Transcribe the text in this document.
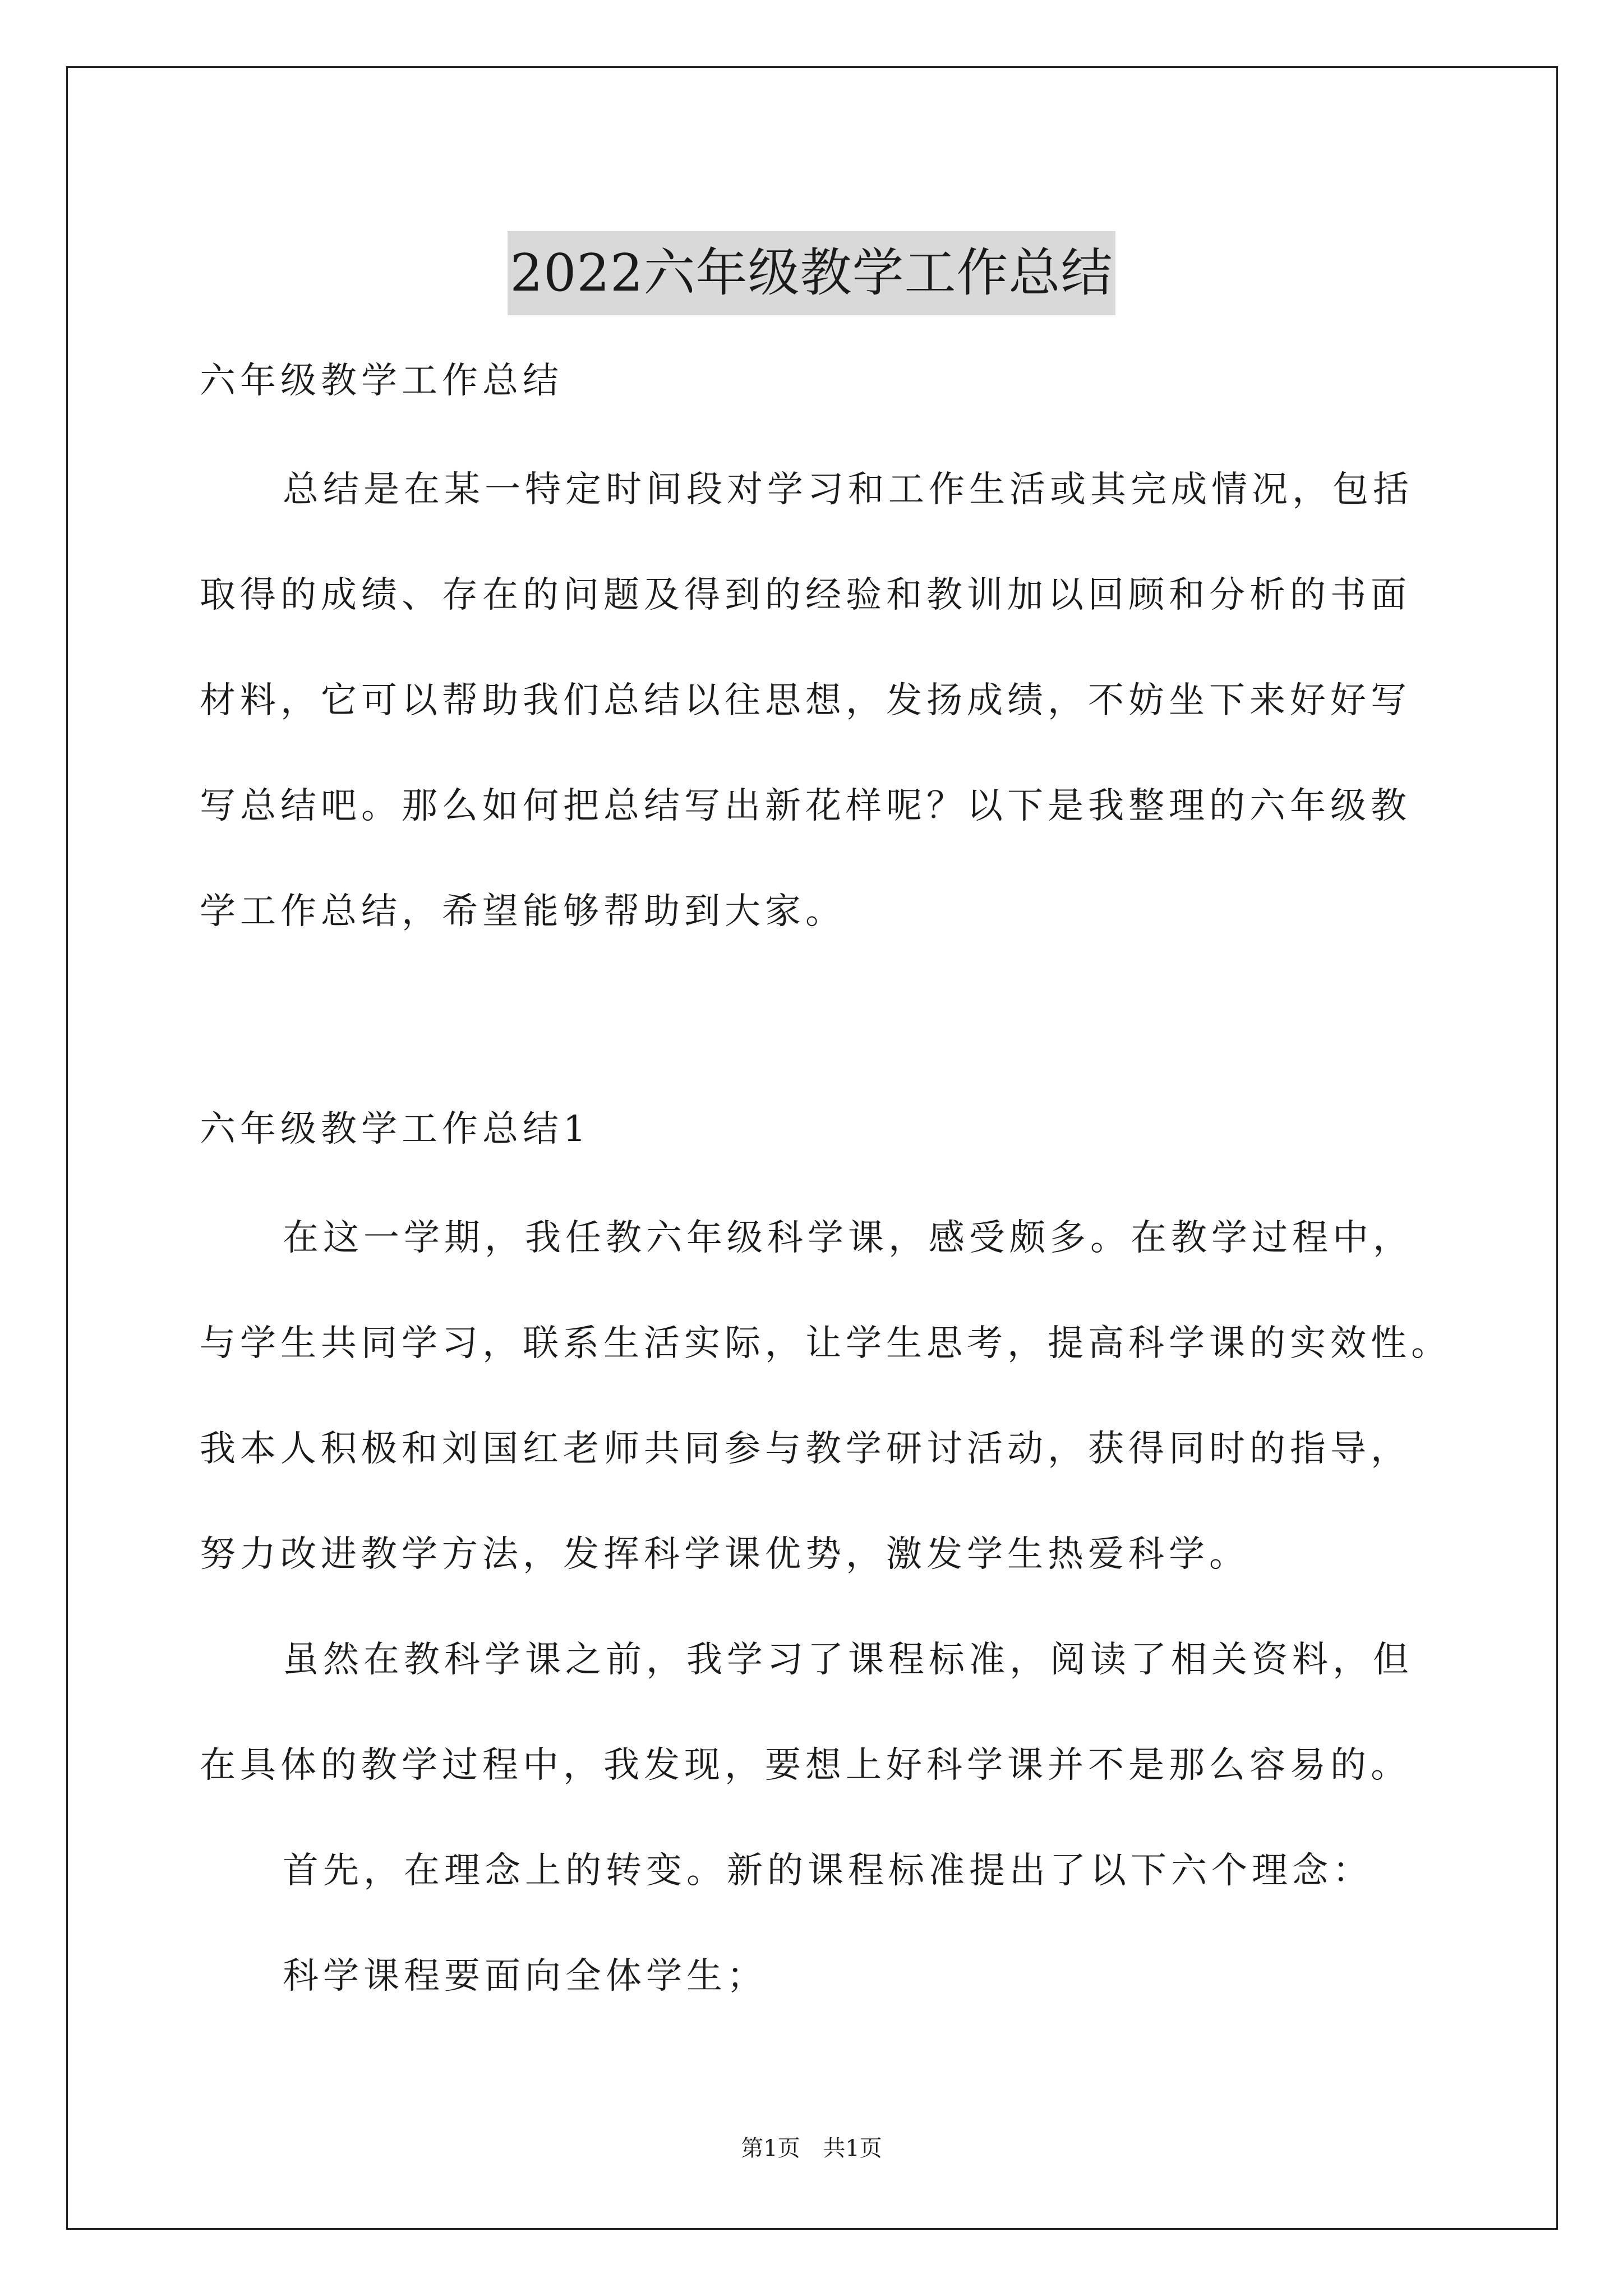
2022六年级教学工作总结
六年级教学工作总结
总结是在某一特定时间段对学习和工作生活或其完成情况，包括
取得的成绩、存在的问题及得到的经验和教训加以回顾和分析的书面
材料，它可以帮助我们总结以往思想，发扬成绩，不妨坐下来好好写
写总结吧。那么如何把总结写出新花样呢？以下是我整理的六年级教
学工作总结，希望能够帮助到大家。
六年级教学工作总结1
在这一学期，我任教六年级科学课，感受颇多。在教学过程中，
与学生共同学习，联系生活实际，让学生思考，提高科学课的实效性。
我本人积极和刘国红老师共同参与教学研讨活动，获得同时的指导，
努力改进教学方法，发挥科学课优势，激发学生热爱科学。
虽然在教科学课之前，我学习了课程标准，阅读了相关资料，但
在具体的教学过程中，我发现，要想上好科学课并不是那么容易的。
首先，在理念上的转变。新的课程标准提出了以下六个理念：
科学课程要面向全体学生；
第1页 共1页
